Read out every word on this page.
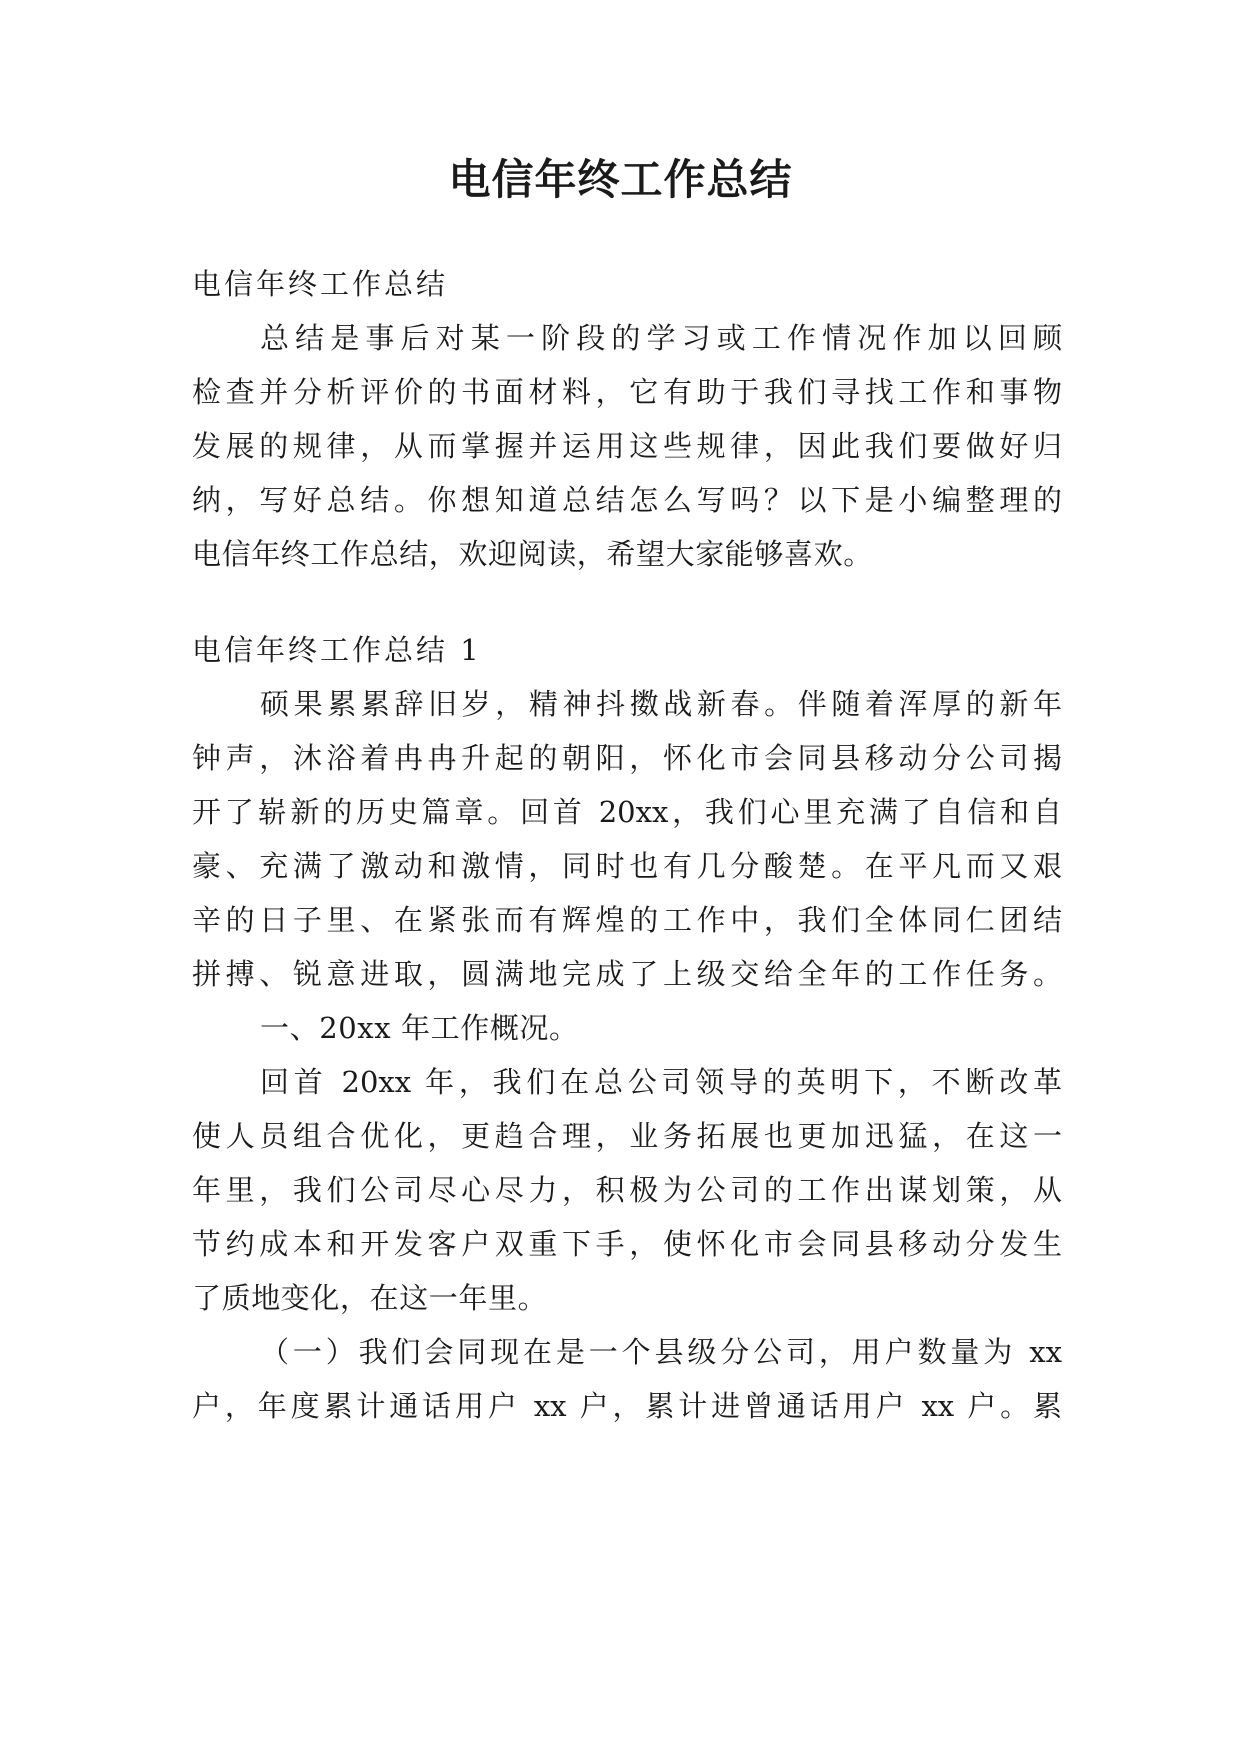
电信年终工作总结
电信年终工作总结
总结是事后对某一阶段的学习或工作情况作加以回顾
检查并分析评价的书面材料，它有助于我们寻找工作和事物
发展的规律，从而掌握并运用这些规律，因此我们要做好归
纳，写好总结。你想知道总结怎么写吗？以下是小编整理的
电信年终工作总结，欢迎阅读，希望大家能够喜欢。
电信年终工作总结 1
硕果累累辞旧岁，精神抖擞战新春。伴随着浑厚的新年
钟声，沐浴着冉冉升起的朝阳，怀化市会同县移动分公司揭
开了崭新的历史篇章。回首 20xx，我们心里充满了自信和自
豪、充满了激动和激情，同时也有几分酸楚。在平凡而又艰
辛的日子里、在紧张而有辉煌的工作中，我们全体同仁团结
拼搏、锐意进取，圆满地完成了上级交给全年的工作任务。
一、20xx 年工作概况。
回首 20xx 年，我们在总公司领导的英明下，不断改革
使人员组合优化，更趋合理，业务拓展也更加迅猛，在这一
年里，我们公司尽心尽力，积极为公司的工作出谋划策，从
节约成本和开发客户双重下手，使怀化市会同县移动分发生
了质地变化，在这一年里。
（一）我们会同现在是一个县级分公司，用户数量为 xx
户，年度累计通话用户 xx 户，累计进曾通话用户 xx 户。累
